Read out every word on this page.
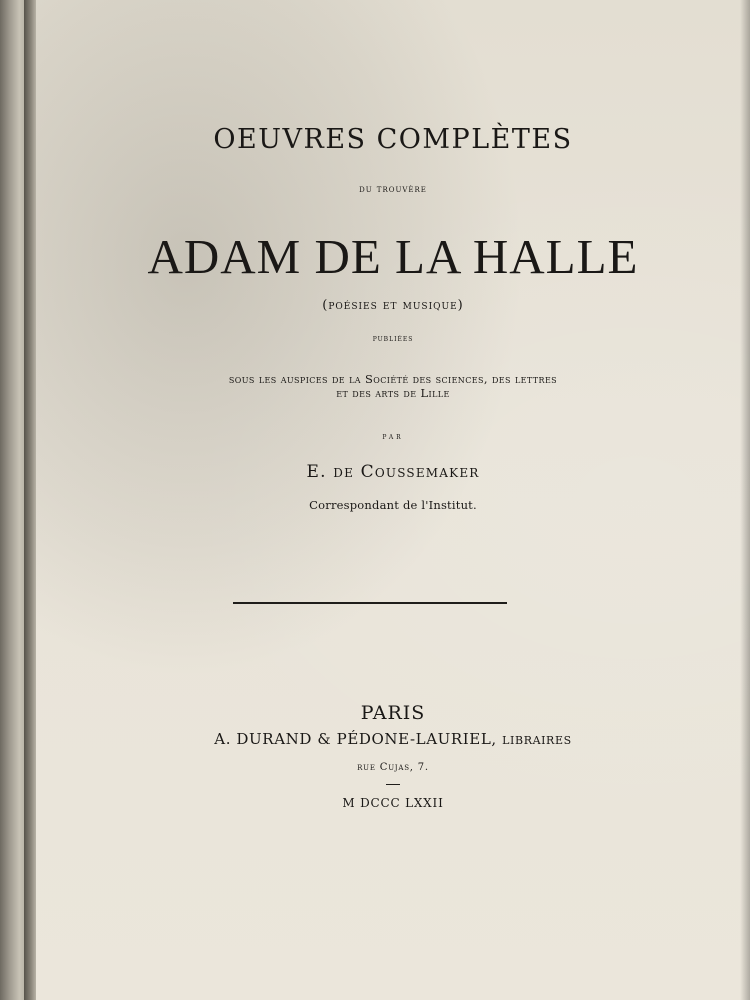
OEUVRES COMPLÈTES
du trouvère
ADAM DE LA HALLE
(poésies et musique)
publiées
sous les auspices de la Société des sciences, des lettres
et des arts de Lille
par
E. de Coussemaker
Correspondant de l'Institut.
PARIS
A. DURAND & PÉDONE-LAURIEL, libraires
rue Cujas, 7.
M DCCC LXXII
